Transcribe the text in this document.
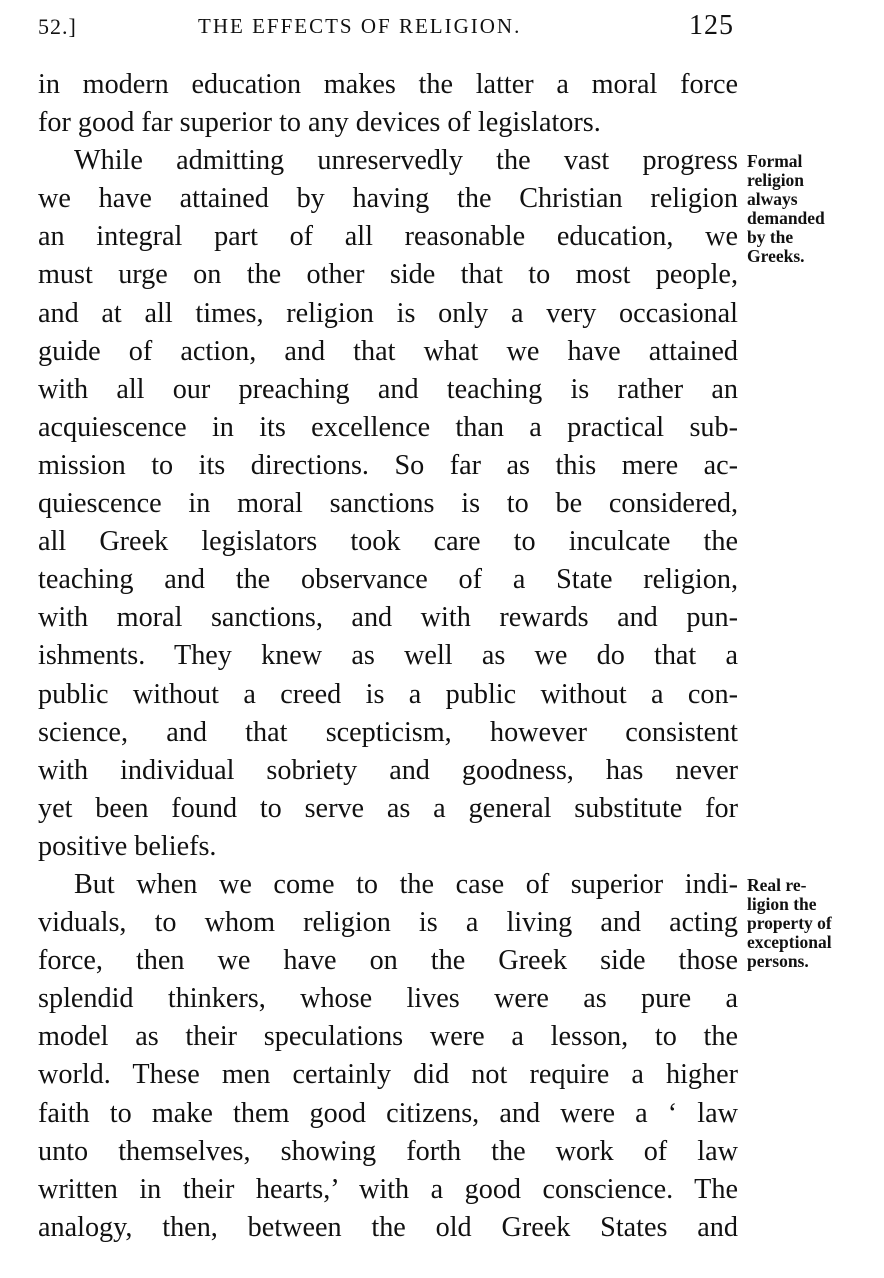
52.]	THE EFFECTS OF RELIGION.	125
in modern education makes the latter a moral force
for good far superior to any devices of legislators.
While admitting unreservedly the vast progress
we have attained by having the Christian religion
an integral part of all reasonable education, we
must urge on the other side that to most people,
and at all times, religion is only a very occasional
guide of action, and that what we have attained
with all our preaching and teaching is rather an
acquiescence in its excellence than a practical sub-
mission to its directions. So far as this mere ac-
quiescence in moral sanctions is to be considered,
all Greek legislators took care to inculcate the
teaching and the observance of a State religion,
with moral sanctions, and with rewards and pun-
ishments. They knew as well as we do that a
public without a creed is a public without a con-
science, and that scepticism, however consistent
with individual sobriety and goodness, has never
yet been found to serve as a general substitute for
positive beliefs.
But when we come to the case of superior indi-
viduals, to whom religion is a living and acting
force, then we have on the Greek side those
splendid thinkers, whose lives were as pure a
model as their speculations were a lesson, to the
world. These men certainly did not require a higher
faith to make them good citizens, and were a ‘ law
unto themselves, showing forth the work of law
written in their hearts,’ with a good conscience. The
analogy, then, between the old Greek States and
Formal
religion
always
demanded
by the
Greeks.
Real re-
ligion the
property of
exceptional
persons.
